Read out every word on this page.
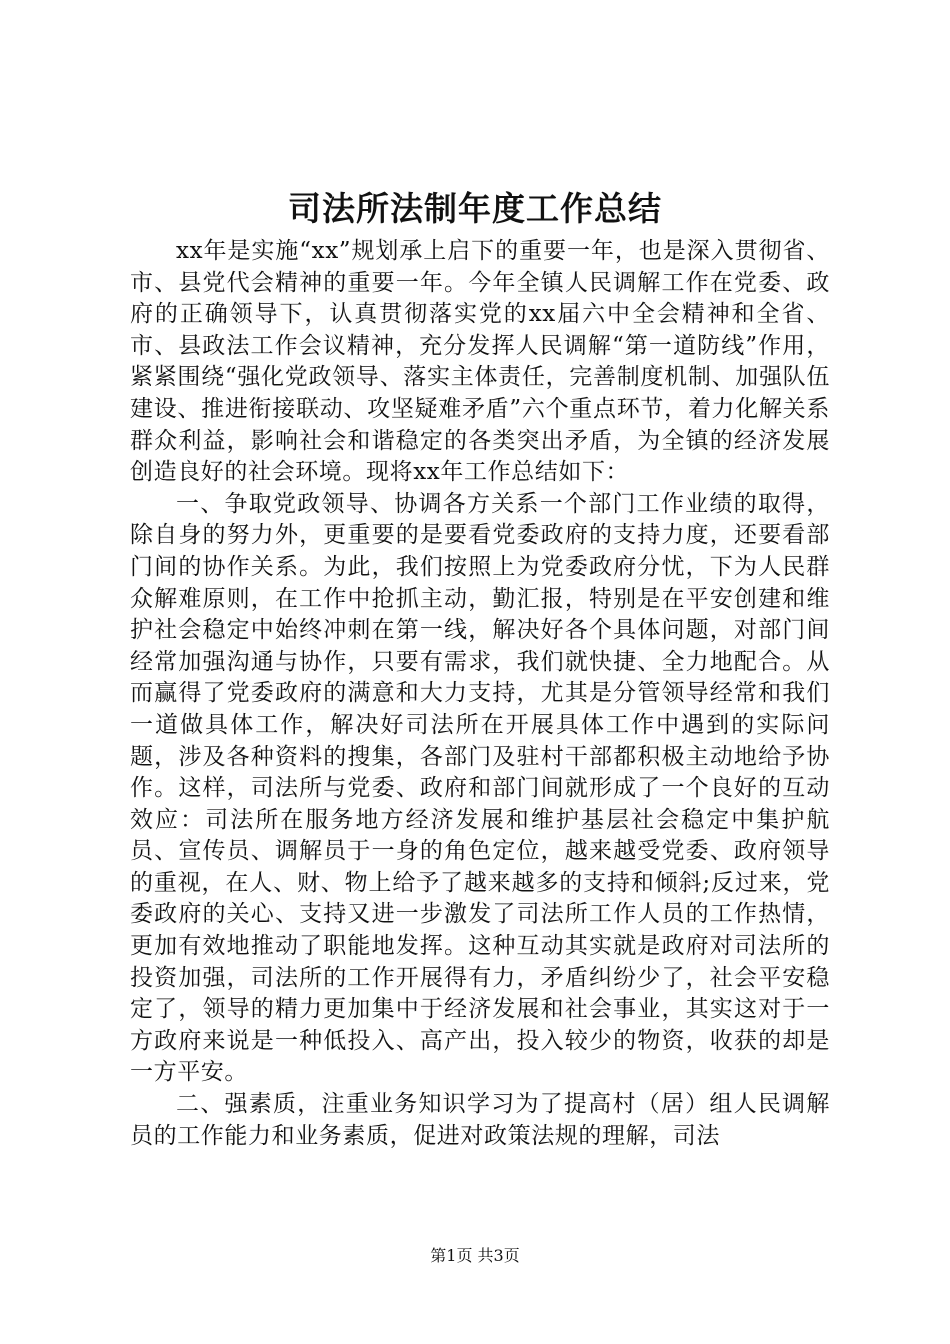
司法所法制年度工作总结

xx年是实施“xx”规划承上启下的重要一年，也是深入贯彻省、市、县党代会精神的重要一年。今年全镇人民调解工作在党委、政府的正确领导下，认真贯彻落实党的xx届六中全会精神和全省、市、县政法工作会议精神，充分发挥人民调解“第一道防线”作用，紧紧围绕“强化党政领导、落实主体责任，完善制度机制、加强队伍建设、推进衔接联动、攻坚疑难矛盾”六个重点环节，着力化解关系群众利益，影响社会和谐稳定的各类突出矛盾，为全镇的经济发展创造良好的社会环境。现将xx年工作总结如下：

一、争取党政领导、协调各方关系一个部门工作业绩的取得，除自身的努力外，更重要的是要看党委政府的支持力度，还要看部门间的协作关系。为此，我们按照上为党委政府分忧，下为人民群众解难原则，在工作中抢抓主动，勤汇报，特别是在平安创建和维护社会稳定中始终冲刺在第一线，解决好各个具体问题，对部门间经常加强沟通与协作，只要有需求，我们就快捷、全力地配合。从而赢得了党委政府的满意和大力支持，尤其是分管领导经常和我们一道做具体工作，解决好司法所在开展具体工作中遇到的实际问题，涉及各种资料的搜集，各部门及驻村干部都积极主动地给予协作。这样，司法所与党委、政府和部门间就形成了一个良好的互动效应：司法所在服务地方经济发展和维护基层社会稳定中集护航员、宣传员、调解员于一身的角色定位，越来越受党委、政府领导的重视，在人、财、物上给予了越来越多的支持和倾斜;反过来，党委政府的关心、支持又进一步激发了司法所工作人员的工作热情，更加有效地推动了职能地发挥。这种互动其实就是政府对司法所的投资加强，司法所的工作开展得有力，矛盾纠纷少了，社会平安稳定了，领导的精力更加集中于经济发展和社会事业，其实这对于一方政府来说是一种低投入、高产出，投入较少的物资，收获的却是一方平安。

二、强素质，注重业务知识学习为了提高村（居）组人民调解员的工作能力和业务素质，促进对政策法规的理解，司法

第1页 共3页
